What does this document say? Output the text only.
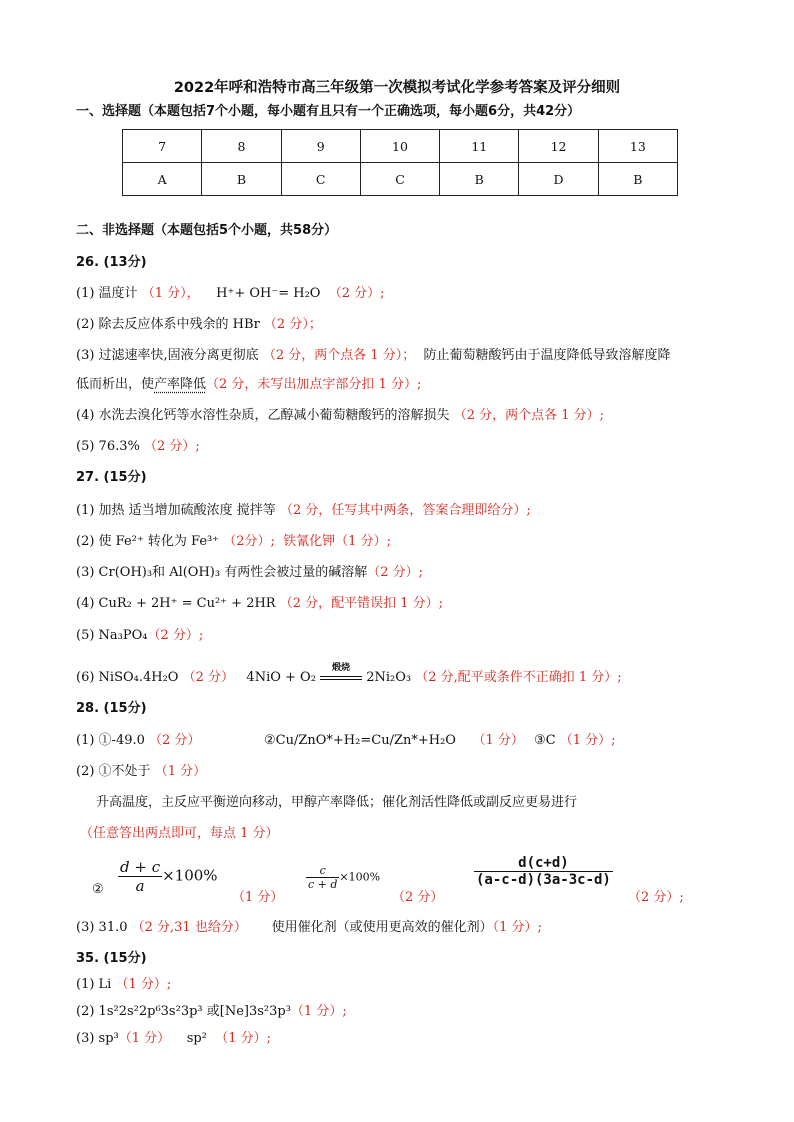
2022年呼和浩特市高三年级第一次模拟考试化学参考答案及评分细则
一、选择题（本题包括7个小题，每小题有且只有一个正确选项，每小题6分，共42分）
7	8	9	10	11	12	13
A	B	C	C	B	D	B
二、非选择题（本题包括5个小题，共58分）
26. (13分)
(1) 温度计 （1 分）， H⁺+ OH⁻= H₂O （2 分）;
(2) 除去反应体系中残余的 HBr （2 分）；
(3) 过滤速率快,固液分离更彻底 （2 分，两个点各 1 分）； 防止葡萄糖酸钙由于温度降低导致溶解度降
低而析出，使产率降低（2 分，未写出加点字部分扣 1 分）;
(4) 水洗去溴化钙等水溶性杂质，乙醇减小葡萄糖酸钙的溶解损失 （2 分，两个点各 1 分）;
(5) 76.3% （2 分）;
27. (15分)
(1) 加热 适当增加硫酸浓度 搅拌等 （2 分，任写其中两条，答案合理即给分）;
(2) 使 Fe²⁺ 转化为 Fe³⁺ （2分）; 铁氰化钾（1 分）;
(3) Cr(OH)₃和 Al(OH)₃ 有两性会被过量的碱溶解（2 分）;
(4) CuR₂ + 2H⁺ = Cu²⁺ + 2HR （2 分，配平错误扣 1 分）;
(5) Na₃PO₄（2 分）;
(6) NiSO₄.4H₂O （2 分） 4NiO + O₂
煅烧
2Ni₂O₃ （2 分,配平或条件不正确扣 1 分）;
28. (15分)
(1) ①-49.0 （2 分）	②Cu/ZnO*+H₂=Cu/Zn*+H₂O （1 分） ③C （1 分）;
(2) ①不处于 （1 分）
升高温度，主反应平衡逆向移动，甲醇产率降低；催化剂活性降低或副反应更易进行
（任意答出两点即可，每点 1 分）
② $\frac{d + c}{a} \times 100\%$
（1 分）
$\frac{c}{c + d} \times 100\%$
（2 分）
$\frac{d(c+d)}{(a-c-d)(3a-3c-d)}$
（2 分）;
(3) 31.0 （2 分,31 也给分） 使用催化剂（或使用更高效的催化剂）（1 分）;
35. (15分)
(1) Li （1 分）;
(2) 1s²2s²2p⁶3s²3p³ 或[Ne]3s²3p³（1 分）;
(3) sp³（1 分） sp² （1 分）;
